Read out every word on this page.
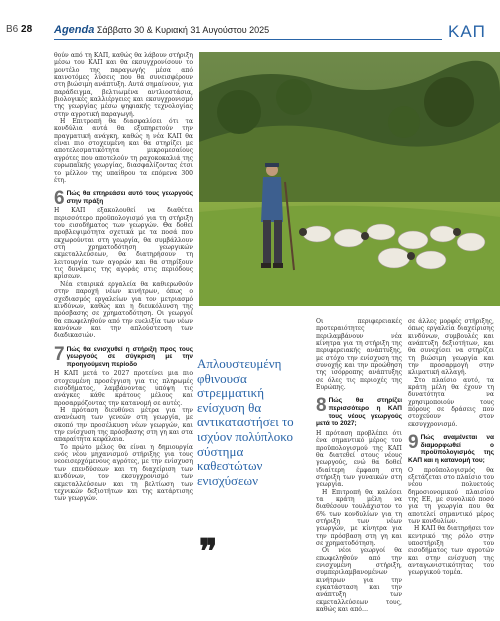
Β6 28 Agenda Σάββατο 30 & Κυριακή 31 Αυγούστου 2025	ΚΑΠ

θούν από τη ΚΑΠ, καθώς θα λάβουν στήριξη μέσω του ΚΑΠ και θα εκσυγχρονίσουν το μοντέλο της παραγωγής μέσα από καινοτόμες λύσεις που θα συνεισφέρουν στη βιώσιμη ανάπτυξη. Αυτά σημαίνουν, για παράδειγμα, βελτιωμένα αντλιοστάσια, βιολογικές καλλιέργειες και εκσυγχρονισμό της γεωργίας μέσω ψηφιακής τεχνολογίας στην αγροτική παραγωγή.

Η Επιτροπή θα διασφαλίσει ότι τα κονδύλια αυτά θα εξυπηρετούν την πραγματική ανάγκη, καθώς η νέα ΚΑΠ θα είναι πιο στοχευμένη και θα στηρίζει με αποτελεσματικότητα μικρομεσαίους αγρότες που αποτελούν τη ραχοκοκαλιά της ευρωπαϊκής γεωργίας, διασφαλίζοντας έτσι το μέλλον της υπαίθρου τα επόμενα 300 έτη.

6 Πώς θα επηρεάσει αυτό τους γεωργούς στην πράξη

Η ΚΑΠ εξακολουθεί να διαθέτει περισσότερο προϋπολογισμό για τη στήριξη του εισοδήματος των γεωργών. Θα δοθεί προβλεψιμότητα σχετικά με τα ποσά που εκχωρούνται στη γεωργία, θα συμβάλλουν στη χρηματοδότηση γεωργικών εκμεταλλεύσεων, θα διατηρήσουν τη λειτουργία των αγορών και θα στηρίξουν τις δυνάμεις της αγοράς στις περιόδους κρίσεων.

Νέα εταιρικά εργαλεία θα καθιερωθούν στην παροχή νέων κινήτρων, όπως ο σχεδιασμός εργαλείων για τον μετριασμό κινδύνων, καθώς και η διευκόλυνση της πρόσβασης σε χρηματοδότηση. Οι γεωργοί θα επωφεληθούν από την ευελιξία των νέων κανόνων και την απλούστευση των διαδικασιών.

7 Πώς θα ενισχυθεί η στήριξη προς τους γεωργούς σε σύγκριση με την προηγούμενη περίοδο

Η ΚΑΠ μετά το 2027 προτείνει μια πιο στοχευμένη προσέγγιση για τις πληρωμές εισοδήματος, λαμβάνοντας υπόψη τις ανάγκες κάθε κράτους μέλους και προσαρμόζοντας την κατανομή σε αυτές.

Η πρόταση διευθύνει μέτρα για την ανανέωση των γενεών στη γεωργία, με σκοπό την προσέλκυση νέων γεωργών, και την ενίσχυση της πρόσβασης στη γη και στα απαραίτητα κεφάλαια.

Το πρώτο μέλος θα είναι η δημιουργία ενός νέου μηχανισμού στήριξης για τους νεοεισερχόμενους αγρότες, με την ενίσχυση των επενδύσεων και τη διαχείριση των κινδύνων, τον εκσυγχρονισμό των εκμεταλλεύσεων και τη βελτίωση των τεχνικών δεξιοτήτων και της κατάρτισης των γεωργών.

Απλουστευμένη φθινουσα στρεμματική ενίσχυση θα αντικαταστήσει το ισχύον πολύπλοκο σύστημα καθεστώτων ενισχύσεων
❞

Οι περιφερειακές προτεραιότητες περιλαμβάνουν νέα κίνητρα για τη στήριξη της περιφερειακής ανάπτυξης, με στόχο την ενίσχυση της συνοχής και την προώθηση της ισόρροπης ανάπτυξης σε όλες τις περιοχές της Ευρώπης.

8 Πώς θα στηρίζει περισσότερο η ΚΑΠ τους νέους γεωργούς μετά το 2027;

Η πρόταση προβλέπει ότι ένα σημαντικό μέρος του προϋπολογισμού της ΚΑΠ θα διατεθεί στους νέους γεωργούς, ενώ θα δοθεί ιδιαίτερη έμφαση στη στήριξη των γυναικών στη γεωργία.

Η Επιτροπή θα καλέσει τα κράτη μέλη να διαθέσουν τουλάχιστον το 6% των κονδυλίων για τη στήριξη των νέων γεωργών, με κίνητρα για την πρόσβαση στη γη και σε χρηματοδότηση.

Οι νέοι γεωργοί θα επωφεληθούν από την ενισχυμένη στήριξη, συμπεριλαμβανομένων κινήτρων για την εγκατάσταση και την ανάπτυξη των εκμεταλλεύσεων τους, καθώς και από…

σε άλλες μορφές στήριξης, όπως εργαλεία διαχείρισης κινδύνων, συμβουλές και ανάπτυξη δεξιοτήτων, και θα συνεχίσει να στηρίζει τη βιώσιμη γεωργία και την προσαρμογή στην κλιματική αλλαγή.

Στο πλαίσιο αυτό, τα κράτη μέλη θα έχουν τη δυνατότητα να χρησιμοποιούν τους πόρους σε δράσεις που στοχεύουν στον εκσυγχρονισμό.

9 Πώς αναμένεται να διαμορφωθεί ο προϋπολογισμός της ΚΑΠ και η κατανομή του;

Ο προϋπολογισμός θα εξετάζεται στο πλαίσιο του νέου πολυετούς δημοσιονομικού πλαισίου της ΕΕ, με συνολικό ποσό για τη γεωργία που θα αποτελεί σημαντικό μέρος των κονδυλίων.

Η ΚΑΠ θα διατηρήσει τον κεντρικό της ρόλο στην υποστήριξη του εισοδήματος των αγροτών και στην ενίσχυση της ανταγωνιστικότητας του γεωργικού τομέα.
